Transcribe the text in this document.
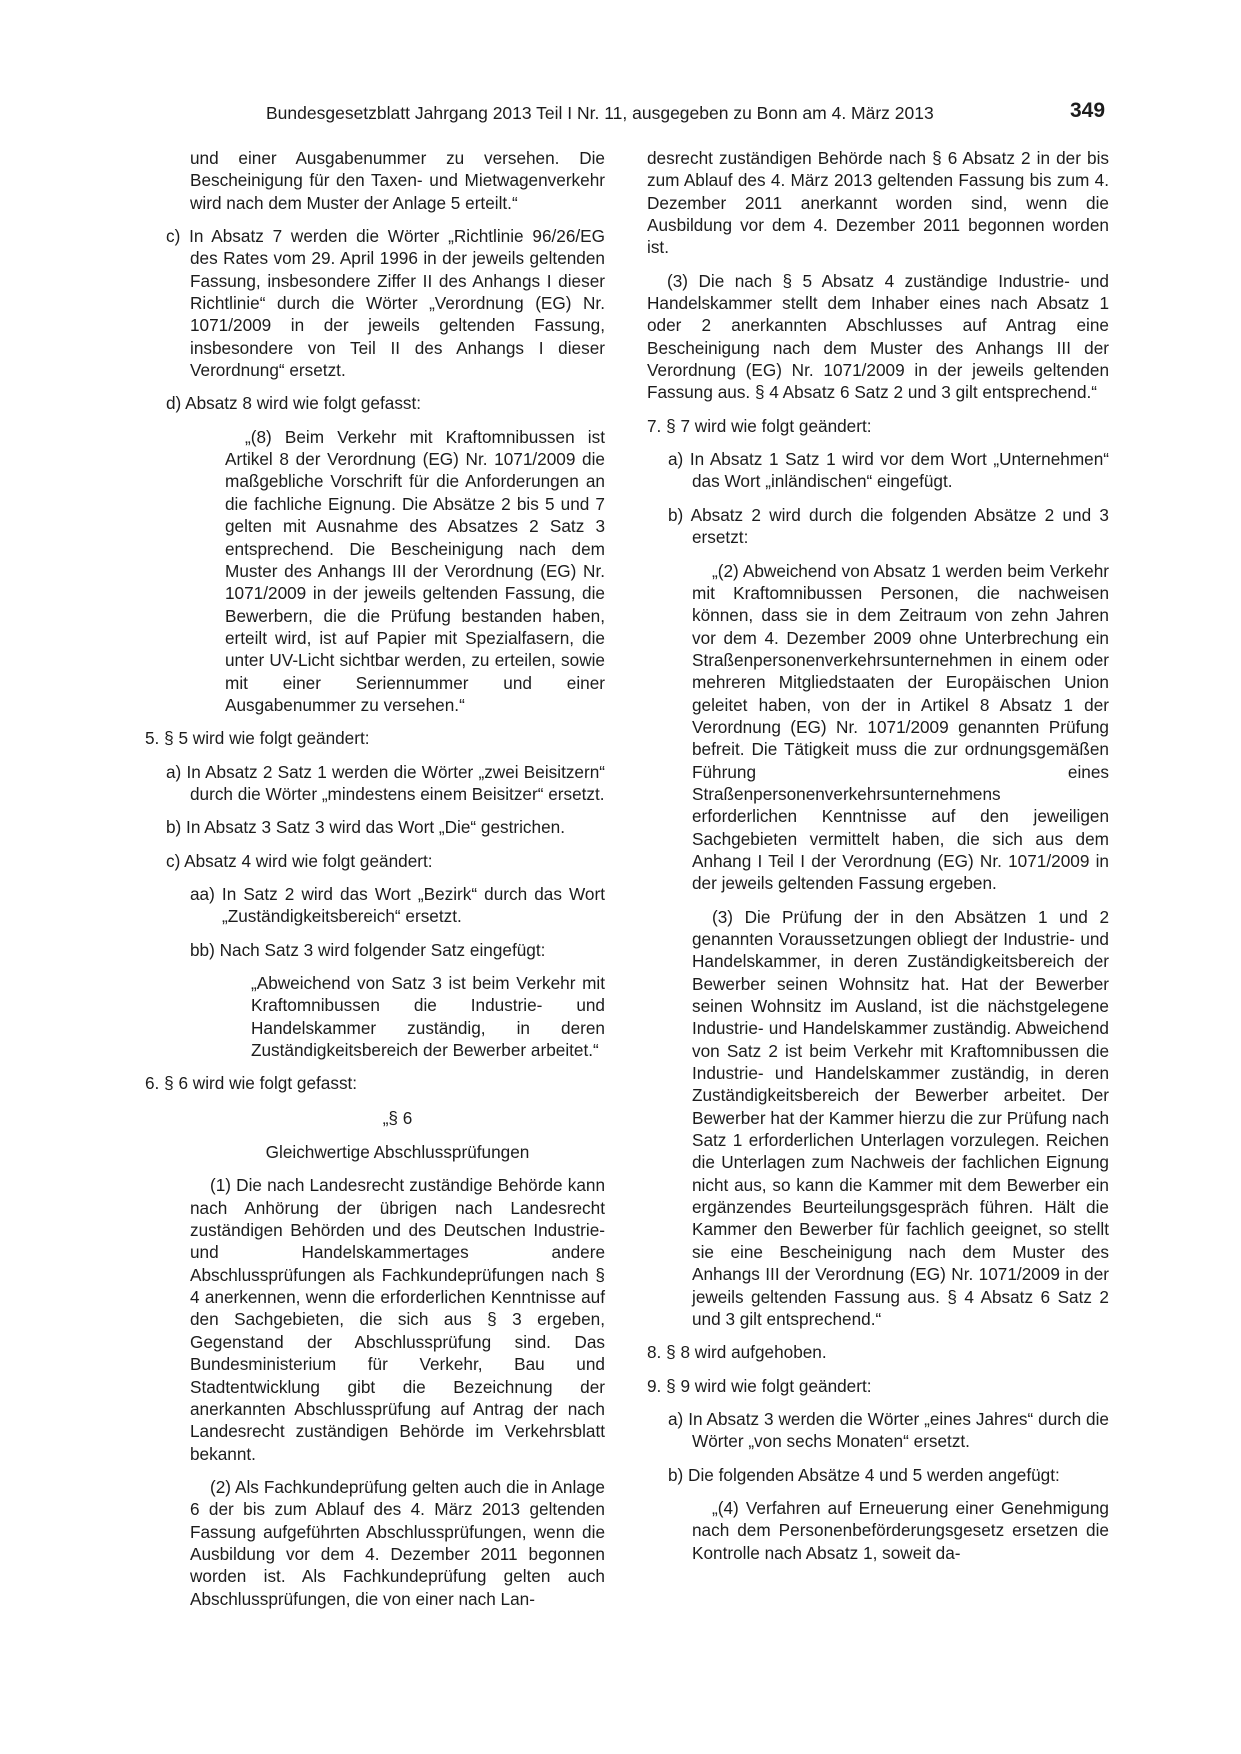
Bundesgesetzblatt Jahrgang 2013 Teil I Nr. 11, ausgegeben zu Bonn am 4. März 2013	349

und einer Ausgabenummer zu versehen. Die Bescheinigung für den Taxen- und Mietwagenverkehr wird nach dem Muster der Anlage 5 erteilt.“

c) In Absatz 7 werden die Wörter „Richtlinie 96/26/EG des Rates vom 29. April 1996 in der jeweils geltenden Fassung, insbesondere Ziffer II des Anhangs I dieser Richtlinie“ durch die Wörter „Verordnung (EG) Nr. 1071/2009 in der jeweils geltenden Fassung, insbesondere von Teil II des Anhangs I dieser Verordnung“ ersetzt.

d) Absatz 8 wird wie folgt gefasst:

„(8) Beim Verkehr mit Kraftomnibussen ist Artikel 8 der Verordnung (EG) Nr. 1071/2009 die maßgebliche Vorschrift für die Anforderungen an die fachliche Eignung. Die Absätze 2 bis 5 und 7 gelten mit Ausnahme des Absatzes 2 Satz 3 entsprechend. Die Bescheinigung nach dem Muster des Anhangs III der Verordnung (EG) Nr. 1071/2009 in der jeweils geltenden Fassung, die Bewerbern, die die Prüfung bestanden haben, erteilt wird, ist auf Papier mit Spezialfasern, die unter UV-Licht sichtbar werden, zu erteilen, sowie mit einer Seriennummer und einer Ausgabenummer zu versehen.“

5. § 5 wird wie folgt geändert:

a) In Absatz 2 Satz 1 werden die Wörter „zwei Beisitzern“ durch die Wörter „mindestens einem Beisitzer“ ersetzt.

b) In Absatz 3 Satz 3 wird das Wort „Die“ gestrichen.

c) Absatz 4 wird wie folgt geändert:

aa) In Satz 2 wird das Wort „Bezirk“ durch das Wort „Zuständigkeitsbereich“ ersetzt.

bb) Nach Satz 3 wird folgender Satz eingefügt:

„Abweichend von Satz 3 ist beim Verkehr mit Kraftomnibussen die Industrie- und Handelskammer zuständig, in deren Zuständigkeitsbereich der Bewerber arbeitet.“

6. § 6 wird wie folgt gefasst:

„§ 6

Gleichwertige Abschlussprüfungen

(1) Die nach Landesrecht zuständige Behörde kann nach Anhörung der übrigen nach Landesrecht zuständigen Behörden und des Deutschen Industrie- und Handelskammertages andere Abschlussprüfungen als Fachkundeprüfungen nach § 4 anerkennen, wenn die erforderlichen Kenntnisse auf den Sachgebieten, die sich aus § 3 ergeben, Gegenstand der Abschlussprüfung sind. Das Bundesministerium für Verkehr, Bau und Stadtentwicklung gibt die Bezeichnung der anerkannten Abschlussprüfung auf Antrag der nach Landesrecht zuständigen Behörde im Verkehrsblatt bekannt.

(2) Als Fachkundeprüfung gelten auch die in Anlage 6 der bis zum Ablauf des 4. März 2013 geltenden Fassung aufgeführten Abschlussprüfungen, wenn die Ausbildung vor dem 4. Dezember 2011 begonnen worden ist. Als Fachkundeprüfung gelten auch Abschlussprüfungen, die von einer nach Lan-

desrecht zuständigen Behörde nach § 6 Absatz 2 in der bis zum Ablauf des 4. März 2013 geltenden Fassung bis zum 4. Dezember 2011 anerkannt worden sind, wenn die Ausbildung vor dem 4. Dezember 2011 begonnen worden ist.

(3) Die nach § 5 Absatz 4 zuständige Industrie- und Handelskammer stellt dem Inhaber eines nach Absatz 1 oder 2 anerkannten Abschlusses auf Antrag eine Bescheinigung nach dem Muster des Anhangs III der Verordnung (EG) Nr. 1071/2009 in der jeweils geltenden Fassung aus. § 4 Absatz 6 Satz 2 und 3 gilt entsprechend.“

7. § 7 wird wie folgt geändert:

a) In Absatz 1 Satz 1 wird vor dem Wort „Unternehmen“ das Wort „inländischen“ eingefügt.

b) Absatz 2 wird durch die folgenden Absätze 2 und 3 ersetzt:

„(2) Abweichend von Absatz 1 werden beim Verkehr mit Kraftomnibussen Personen, die nachweisen können, dass sie in dem Zeitraum von zehn Jahren vor dem 4. Dezember 2009 ohne Unterbrechung ein Straßenpersonenverkehrsunternehmen in einem oder mehreren Mitgliedstaaten der Europäischen Union geleitet haben, von der in Artikel 8 Absatz 1 der Verordnung (EG) Nr. 1071/2009 genannten Prüfung befreit. Die Tätigkeit muss die zur ordnungsgemäßen Führung eines Straßenpersonenverkehrsunternehmens erforderlichen Kenntnisse auf den jeweiligen Sachgebieten vermittelt haben, die sich aus dem Anhang I Teil I der Verordnung (EG) Nr. 1071/2009 in der jeweils geltenden Fassung ergeben.

(3) Die Prüfung der in den Absätzen 1 und 2 genannten Voraussetzungen obliegt der Industrie- und Handelskammer, in deren Zuständigkeitsbereich der Bewerber seinen Wohnsitz hat. Hat der Bewerber seinen Wohnsitz im Ausland, ist die nächstgelegene Industrie- und Handelskammer zuständig. Abweichend von Satz 2 ist beim Verkehr mit Kraftomnibussen die Industrie- und Handelskammer zuständig, in deren Zuständigkeitsbereich der Bewerber arbeitet. Der Bewerber hat der Kammer hierzu die zur Prüfung nach Satz 1 erforderlichen Unterlagen vorzulegen. Reichen die Unterlagen zum Nachweis der fachlichen Eignung nicht aus, so kann die Kammer mit dem Bewerber ein ergänzendes Beurteilungsgespräch führen. Hält die Kammer den Bewerber für fachlich geeignet, so stellt sie eine Bescheinigung nach dem Muster des Anhangs III der Verordnung (EG) Nr. 1071/2009 in der jeweils geltenden Fassung aus. § 4 Absatz 6 Satz 2 und 3 gilt entsprechend.“

8. § 8 wird aufgehoben.

9. § 9 wird wie folgt geändert:

a) In Absatz 3 werden die Wörter „eines Jahres“ durch die Wörter „von sechs Monaten“ ersetzt.

b) Die folgenden Absätze 4 und 5 werden angefügt:

„(4) Verfahren auf Erneuerung einer Genehmigung nach dem Personenbeförderungsgesetz ersetzen die Kontrolle nach Absatz 1, soweit da-
